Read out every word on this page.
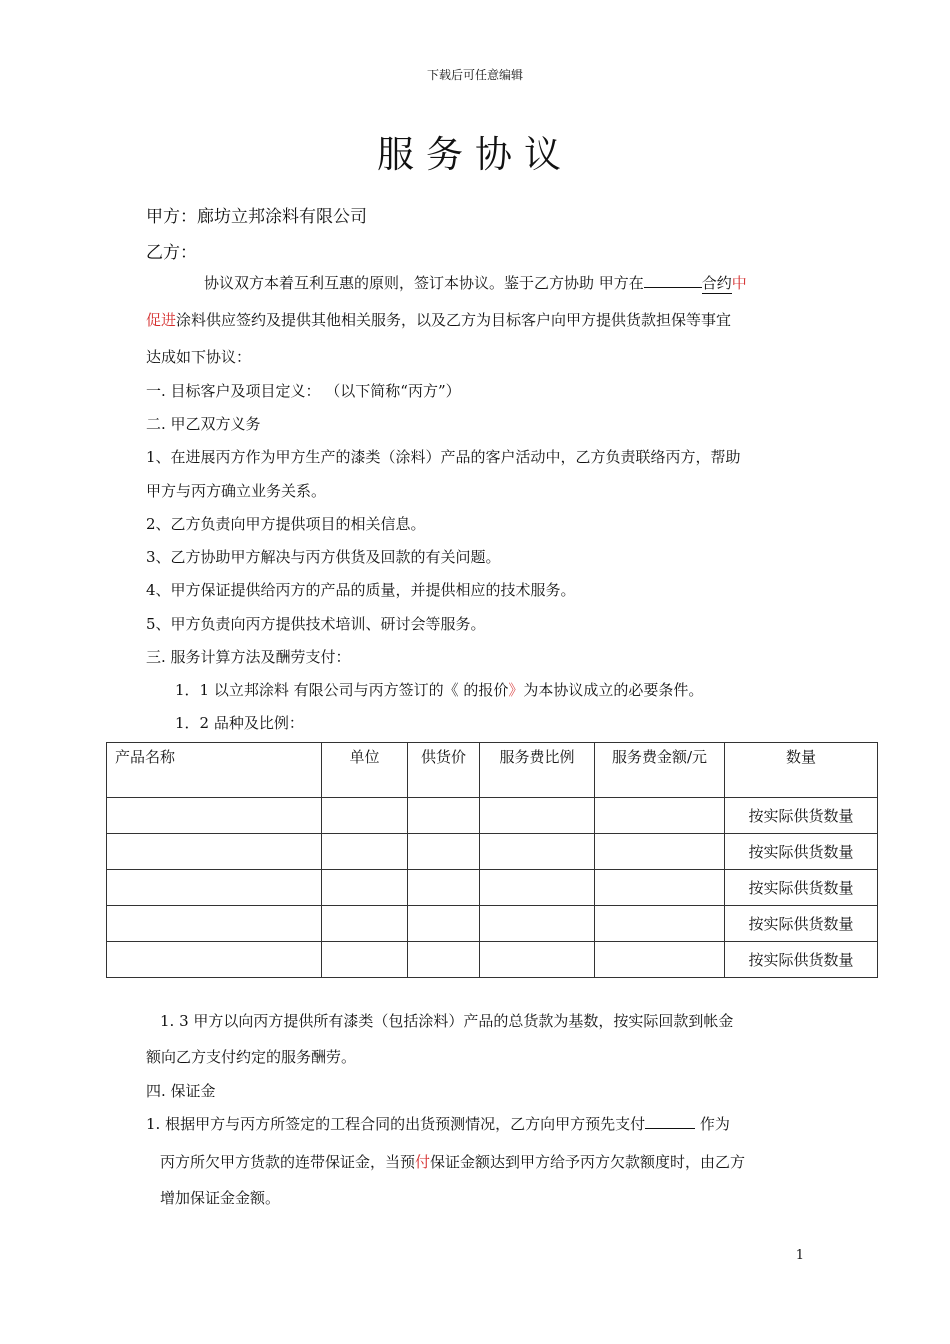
下载后可任意编辑
服务协议
甲方：廊坊立邦涂料有限公司
乙方：
协议双方本着互利互惠的原则，签订本协议。鉴于乙方协助 甲方在	合约中
促进涂料供应签约及提供其他相关服务，以及乙方为目标客户向甲方提供货款担保等事宜
达成如下协议：
一. 目标客户及项目定义： （以下简称“丙方”）
二. 甲乙双方义务
1、在进展丙方作为甲方生产的漆类（涂料）产品的客户活动中，乙方负责联络丙方，帮助
甲方与丙方确立业务关系。
2、乙方负责向甲方提供项目的相关信息。
3、乙方协助甲方解决与丙方供货及回款的有关问题。
4、甲方保证提供给丙方的产品的质量，并提供相应的技术服务。
5、甲方负责向丙方提供技术培训、研讨会等服务。
三. 服务计算方法及酬劳支付：
1．1 以立邦涂料 有限公司与丙方签订的《 的报价》为本协议成立的必要条件。
1．2 品种及比例：
产品名称	单位	供货价	服务费比例	服务费金额/元	数量
					按实际供货数量
					按实际供货数量
					按实际供货数量
					按实际供货数量
					按实际供货数量
1. 3 甲方以向丙方提供所有漆类（包括涂料）产品的总货款为基数，按实际回款到帐金
额向乙方支付约定的服务酬劳。
四. 保证金
1. 根据甲方与丙方所签定的工程合同的出货预测情况，乙方向甲方预先支付	作为
丙方所欠甲方货款的连带保证金，当预付保证金额达到甲方给予丙方欠款额度时，由乙方
增加保证金金额。
1
